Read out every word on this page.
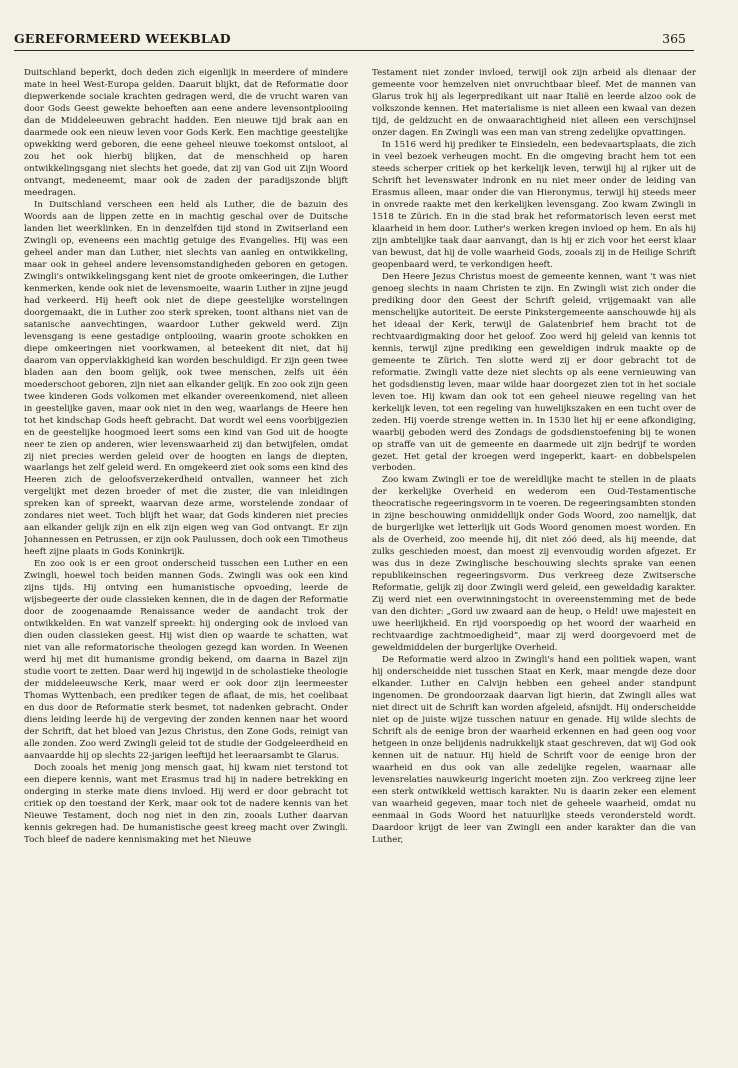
GEREFORMEERD WEEKBLAD	365

Duitschland beperkt, doch deden zich eigenlijk in meerdere of mindere mate in heel West-Europa gelden. Daaruit blijkt, dat de Reformatie door diepwerkende sociale krachten gedragen werd, die de vrucht waren van door Gods Geest gewekte behoeften aan eene andere levensontplooiing dan de Middeleeuwen gebracht hadden. Een nieuwe tijd brak aan en daarmede ook een nieuw leven voor Gods Kerk. Een machtige geestelijke opwekking werd geboren, die eene geheel nieuwe toekomst ontsloot, al zou het ook hierbij blijken, dat de menschheid op haren ontwikkelingsgang niet slechts het goede, dat zij van God uit Zijn Woord ontvangt, medeneemt, maar ook de zaden der paradijszonde blijft meedragen.

In Duitschland verscheen een held als Luther, die de bazuin des Woords aan de lippen zette en in machtig geschal over de Duitsche landen liet weerklinken. En in denzelfden tijd stond in Zwitserland een Zwingli op, eveneens een machtig getuige des Evangelies. Hij was een geheel ander man dan Luther, niet slechts van aanleg en ontwikkeling, maar ook in geheel andere levensomstandigheden geboren en getogen. Zwingli's ontwikkelingsgang kent niet de groote omkeeringen, die Luther kenmerken, kende ook niet de levensmoeite, waarin Luther in zijne jeugd had verkeerd. Hij heeft ook niet de diepe geestelijke worstelingen doorgemaakt, die in Luther zoo sterk spreken, toont althans niet van de satanische aanvechtingen, waardoor Luther gekweld werd. Zijn levensgang is eene gestadige ontplooiing, waarin groote schokken en diepe omkeeringen niet voorkwamen, al beteekent dit niet, dat hij daarom van oppervlakkigheid kan worden beschuldigd. Er zijn geen twee bladen aan den boom gelijk, ook twee menschen, zelfs uit één moederschoot geboren, zijn niet aan elkander gelijk. En zoo ook zijn geen twee kinderen Gods volkomen met elkander overeenkomend, niet alleen in geestelijke gaven, maar ook niet in den weg, waarlangs de Heere hen tot het kindschap Gods heeft gebracht. Dat wordt wel eens voorbijgezien en de geestelijke hoogmoed leert soms een kind van God uit de hoogte neer te zien op anderen, wier levenswaarheid zij dan betwijfelen, omdat zij niet precies werden geleid over de hoogten en langs de diepten, waarlangs het zelf geleid werd. En omgekeerd ziet ook soms een kind des Heeren zich de geloofsverzekerdheid ontvallen, wanneer het zich vergelijkt met dezen broeder of met die zuster, die van inleidingen spreken kan of spreekt, waarvan deze arme, worstelende zondaar of zondares niet weet. Toch blijft het waar, dat Gods kinderen niet precies aan elkander gelijk zijn en elk zijn eigen weg van God ontvangt. Er zijn Johannessen en Petrussen, er zijn ook Paulussen, doch ook een Timotheus heeft zijne plaats in Gods Koninkrijk.

En zoo ook is er een groot onderscheid tusschen een Luther en een Zwingli, hoewel toch beiden mannen Gods. Zwingli was ook een kind zijns tijds. Hij ontving een humanistische opvoeding, leerde de wijsbegeerte der oude classieken kennen, die in de dagen der Reformatie door de zoogenaamde Renaissance weder de aandacht trok der ontwikkelden. En wat vanzelf spreekt: hij onderging ook de invloed van dien ouden classieken geest. Hij wist dien op waarde te schatten, wat niet van alle reformatorische theologen gezegd kan worden. In Weenen werd hij met dit humanisme grondig bekend, om daarna in Bazel zijn studie voort te zetten. Daar werd hij ingewijd in de scholastieke theologie der middeleeuwsche Kerk, maar werd er ook door zijn leermeester Thomas Wyttenbach, een prediker tegen de aflaat, de mis, het coelibaat en dus door de Reformatie sterk besmet, tot nadenken gebracht. Onder diens leiding leerde hij de vergeving der zonden kennen naar het woord der Schrift, dat het bloed van Jezus Christus, den Zone Gods, reinigt van alle zonden. Zoo werd Zwingli geleid tot de studie der Godgeleerdheid en aanvaardde hij op slechts 22-jarigen leeftijd het leeraarsambt te Glarus.

Doch zooals het menig jong mensch gaat, hij kwam niet terstond tot een diepere kennis, want met Erasmus trad hij in nadere betrekking en onderging in sterke mate diens invloed. Hij werd er door gebracht tot critiek op den toestand der Kerk, maar ook tot de nadere kennis van het Nieuwe Testament, doch nog niet in den zin, zooals Luther daarvan kennis gekregen had. De humanistische geest kreeg macht over Zwingli. Toch bleef de nadere kennismaking met het Nieuwe

Testament niet zonder invloed, terwijl ook zijn arbeid als dienaar der gemeente voor hemzelven niet onvruchtbaar bleef. Met de mannen van Glarus trok hij als legerpredikant uit naar Italië en leerde alzoo ook de volkszonde kennen. Het materialisme is niet alleen een kwaal van dezen tijd, de geldzucht en de onwaarachtigheid niet alleen een verschijnsel onzer dagen. En Zwingli was een man van streng zedelijke opvattingen.

In 1516 werd hij prediker te Einsiedeln, een bedevaartsplaats, die zich in veel bezoek verheugen mocht. En die omgeving bracht hem tot een steeds scherper critiek op het kerkelijk leven, terwijl hij al rijker uit de Schrift het levenswater indronk en nu niet meer onder de leiding van Erasmus alleen, maar onder die van Hieronymus, terwijl hij steeds meer in onvrede raakte met den kerkelijken levensgang. Zoo kwam Zwingli in 1518 te Zürich. En in die stad brak het reformatorisch leven eerst met klaarheid in hem door. Luther's werken kregen invloed op hem. En als hij zijn ambtelijke taak daar aanvangt, dan is hij er zich voor het eerst klaar van bewust, dat hij de volle waarheid Gods, zooals zij in de Heilige Schrift geopenbaard werd, te verkondigen heeft.

Den Heere Jezus Christus moest de gemeente kennen, want 't was niet genoeg slechts in naam Christen te zijn. En Zwingli wist zich onder die prediking door den Geest der Schrift geleid, vrijgemaakt van alle menschelijke autoriteit. De eerste Pinkstergemeente aanschouwde hij als het ideaal der Kerk, terwijl de Galatenbrief hem bracht tot de rechtvaardigmaking door het geloof. Zoo werd hij geleid van kennis tot kennis, terwijl zijne prediking een geweldigen indruk maakte op de gemeente te Zürich. Ten slotte werd zij er door gebracht tot de reformatie. Zwingli vatte deze niet slechts op als eene vernieuwing van het godsdienstig leven, maar wilde haar doorgezet zien tot in het sociale leven toe. Hij kwam dan ook tot een geheel nieuwe regeling van het kerkelijk leven, tot een regeling van huwelijkszaken en een tucht over de zeden. Hij voerde strenge wetten in. In 1530 liet hij er eene afkondiging, waarbij geboden werd des Zondags de godsdienstoefening bij te wonen op straffe van uit de gemeente en daarmede uit zijn bedrijf te worden gezet. Het getal der kroegen werd ingeperkt, kaart- en dobbelspelen verboden.

Zoo kwam Zwingli er toe de wereldlijke macht te stellen in de plaats der kerkelijke Overheid en wederom een Oud-Testamentische theocratische regeeringsvorm in te voeren. De regeeringsambten stonden in zijne beschouwing onmiddellijk onder Gods Woord, zoo namelijk, dat de burgerlijke wet letterlijk uit Gods Woord genomen moest worden. En als de Overheid, zoo meende hij, dit niet zóó deed, als hij meende, dat zulks geschieden moest, dan moest zij evenvoudig worden afgezet. Er was dus in deze Zwinglische beschouwing slechts sprake van eenen republikeinschen regeeringsvorm. Dus verkreeg deze Zwitsersche Reformatie, gelijk zij door Zwingli werd geleid, een geweldadig karakter. Zij werd niet een overwinningstocht in overeenstemming met de bede van den dichter: „Gord uw zwaard aan de heup, o Held! uwe majesteit en uwe heerlijkheid. En rijd voorspoedig op het woord der waarheid en rechtvaardige zachtmoedigheid”, maar zij werd doorgevoerd met de geweldmiddelen der burgerlijke Overheid.

De Reformatie werd alzoo in Zwingli's hand een politiek wapen, want hij onderscheidde niet tusschen Staat en Kerk, maar mengde deze door elkander. Luther en Calvijn hebben een geheel ander standpunt ingenomen. De grondoorzaak daarvan ligt hierin, dat Zwingli alles wat niet direct uit de Schrift kan worden afgeleid, afsnijdt. Hij onderscheidde niet op de juiste wijze tusschen natuur en genade. Hij wilde slechts de Schrift als de eenige bron der waarheid erkennen en had geen oog voor hetgeen in onze belijdenis nadrukkelijk staat geschreven, dat wij God ook kennen uit de natuur. Hij hield de Schrift voor de eenige bron der waarheid en dus ook van alle zedelijke regelen, waarnaar alle levensrelaties nauwkeurig ingericht moeten zijn. Zoo verkreeg zijne leer een sterk ontwikkeld wettisch karakter. Nu is daarin zeker een element van waarheid gegeven, maar toch niet de geheele waarheid, omdat nu eenmaal in Gods Woord het natuurlijke steeds verondersteld wordt. Daardoor krijgt de leer van Zwingli een ander karakter dan die van Luther,
